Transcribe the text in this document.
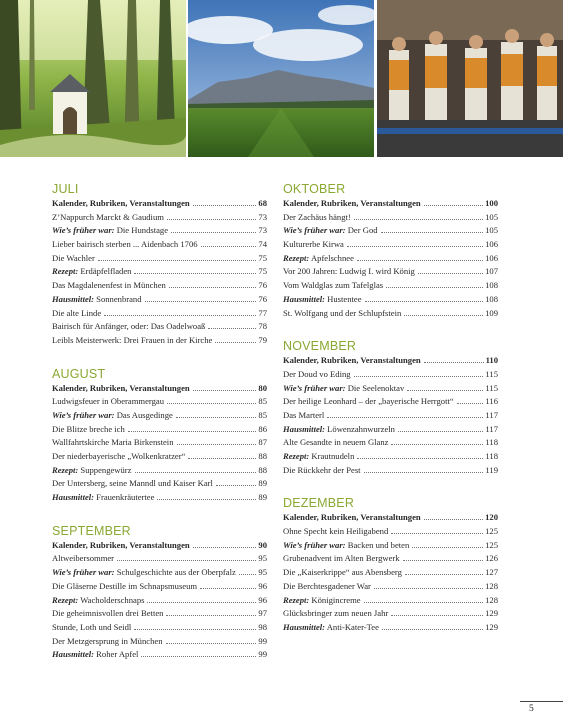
JULI
Kalender, Rubriken, Veranstaltungen	68
Z’Nappurch Marckt & Gaudium	73
Wie’s früher war: Die Hundstage	73
Lieber bairisch sterben ... Aidenbach 1706	74
Die Wachler	75
Rezept: Erdäpfelfladen	75
Das Magdalenenfest in München	76
Hausmittel: Sonnenbrand	76
Die alte Linde	77
Bairisch für Anfänger, oder: Das Oadelwoaß	78
Leibls Meisterwerk: Drei Frauen in der Kirche	79
AUGUST
Kalender, Rubriken, Veranstaltungen	80
Ludwigsfeuer in Oberammergau	85
Wie’s früher war: Das Ausgedinge	85
Die Blitze breche ich	86
Wallfahrtskirche Maria Birkenstein	87
Der niederbayerische „Wolkenkratzer“	88
Rezept: Suppengewürz	88
Der Untersberg, seine Manndl und Kaiser Karl	89
Hausmittel: Frauenkräutertee	89
SEPTEMBER
Kalender, Rubriken, Veranstaltungen	90
Altweibersommer	95
Wie’s früher war: Schulgeschichte aus der Oberpfalz	95
Die Gläserne Destille im Schnapsmuseum	96
Rezept: Wacholderschnaps	96
Die geheimnisvollen drei Betten	97
Stunde, Loth und Seidl	98
Der Metzgersprung in München	99
Hausmittel: Roher Apfel	99
OKTOBER
Kalender, Rubriken, Veranstaltungen	100
Der Zachäus hängt!	105
Wie’s früher war: Der God	105
Kulturerbe Kirwa	106
Rezept: Apfelschnee	106
Vor 200 Jahren: Ludwig I. wird König	107
Vom Waldglas zum Tafelglas	108
Hausmittel: Hustentee	108
St. Wolfgang und der Schlupfstein	109
NOVEMBER
Kalender, Rubriken, Veranstaltungen	110
Der Doud vo Eding	115
Wie’s früher war: Die Seelenoktav	115
Der heilige Leonhard – der „bayerische Herrgott“	116
Das Marterl	117
Hausmittel: Löwenzahnwurzeln	117
Alte Gesandte in neuem Glanz	118
Rezept: Krautnudeln	118
Die Rückkehr der Pest	119
DEZEMBER
Kalender, Rubriken, Veranstaltungen	120
Ohne Specht kein Heiligabend	125
Wie’s früher war: Backen und beten	125
Grubenadvent im Alten Bergwerk	126
Die „Kaiserkrippe“ aus Abensberg	127
Die Berchtesgadener War	128
Rezept: Königincreme	128
Glücksbringer zum neuen Jahr	129
Hausmittel: Anti-Kater-Tee	129
5
